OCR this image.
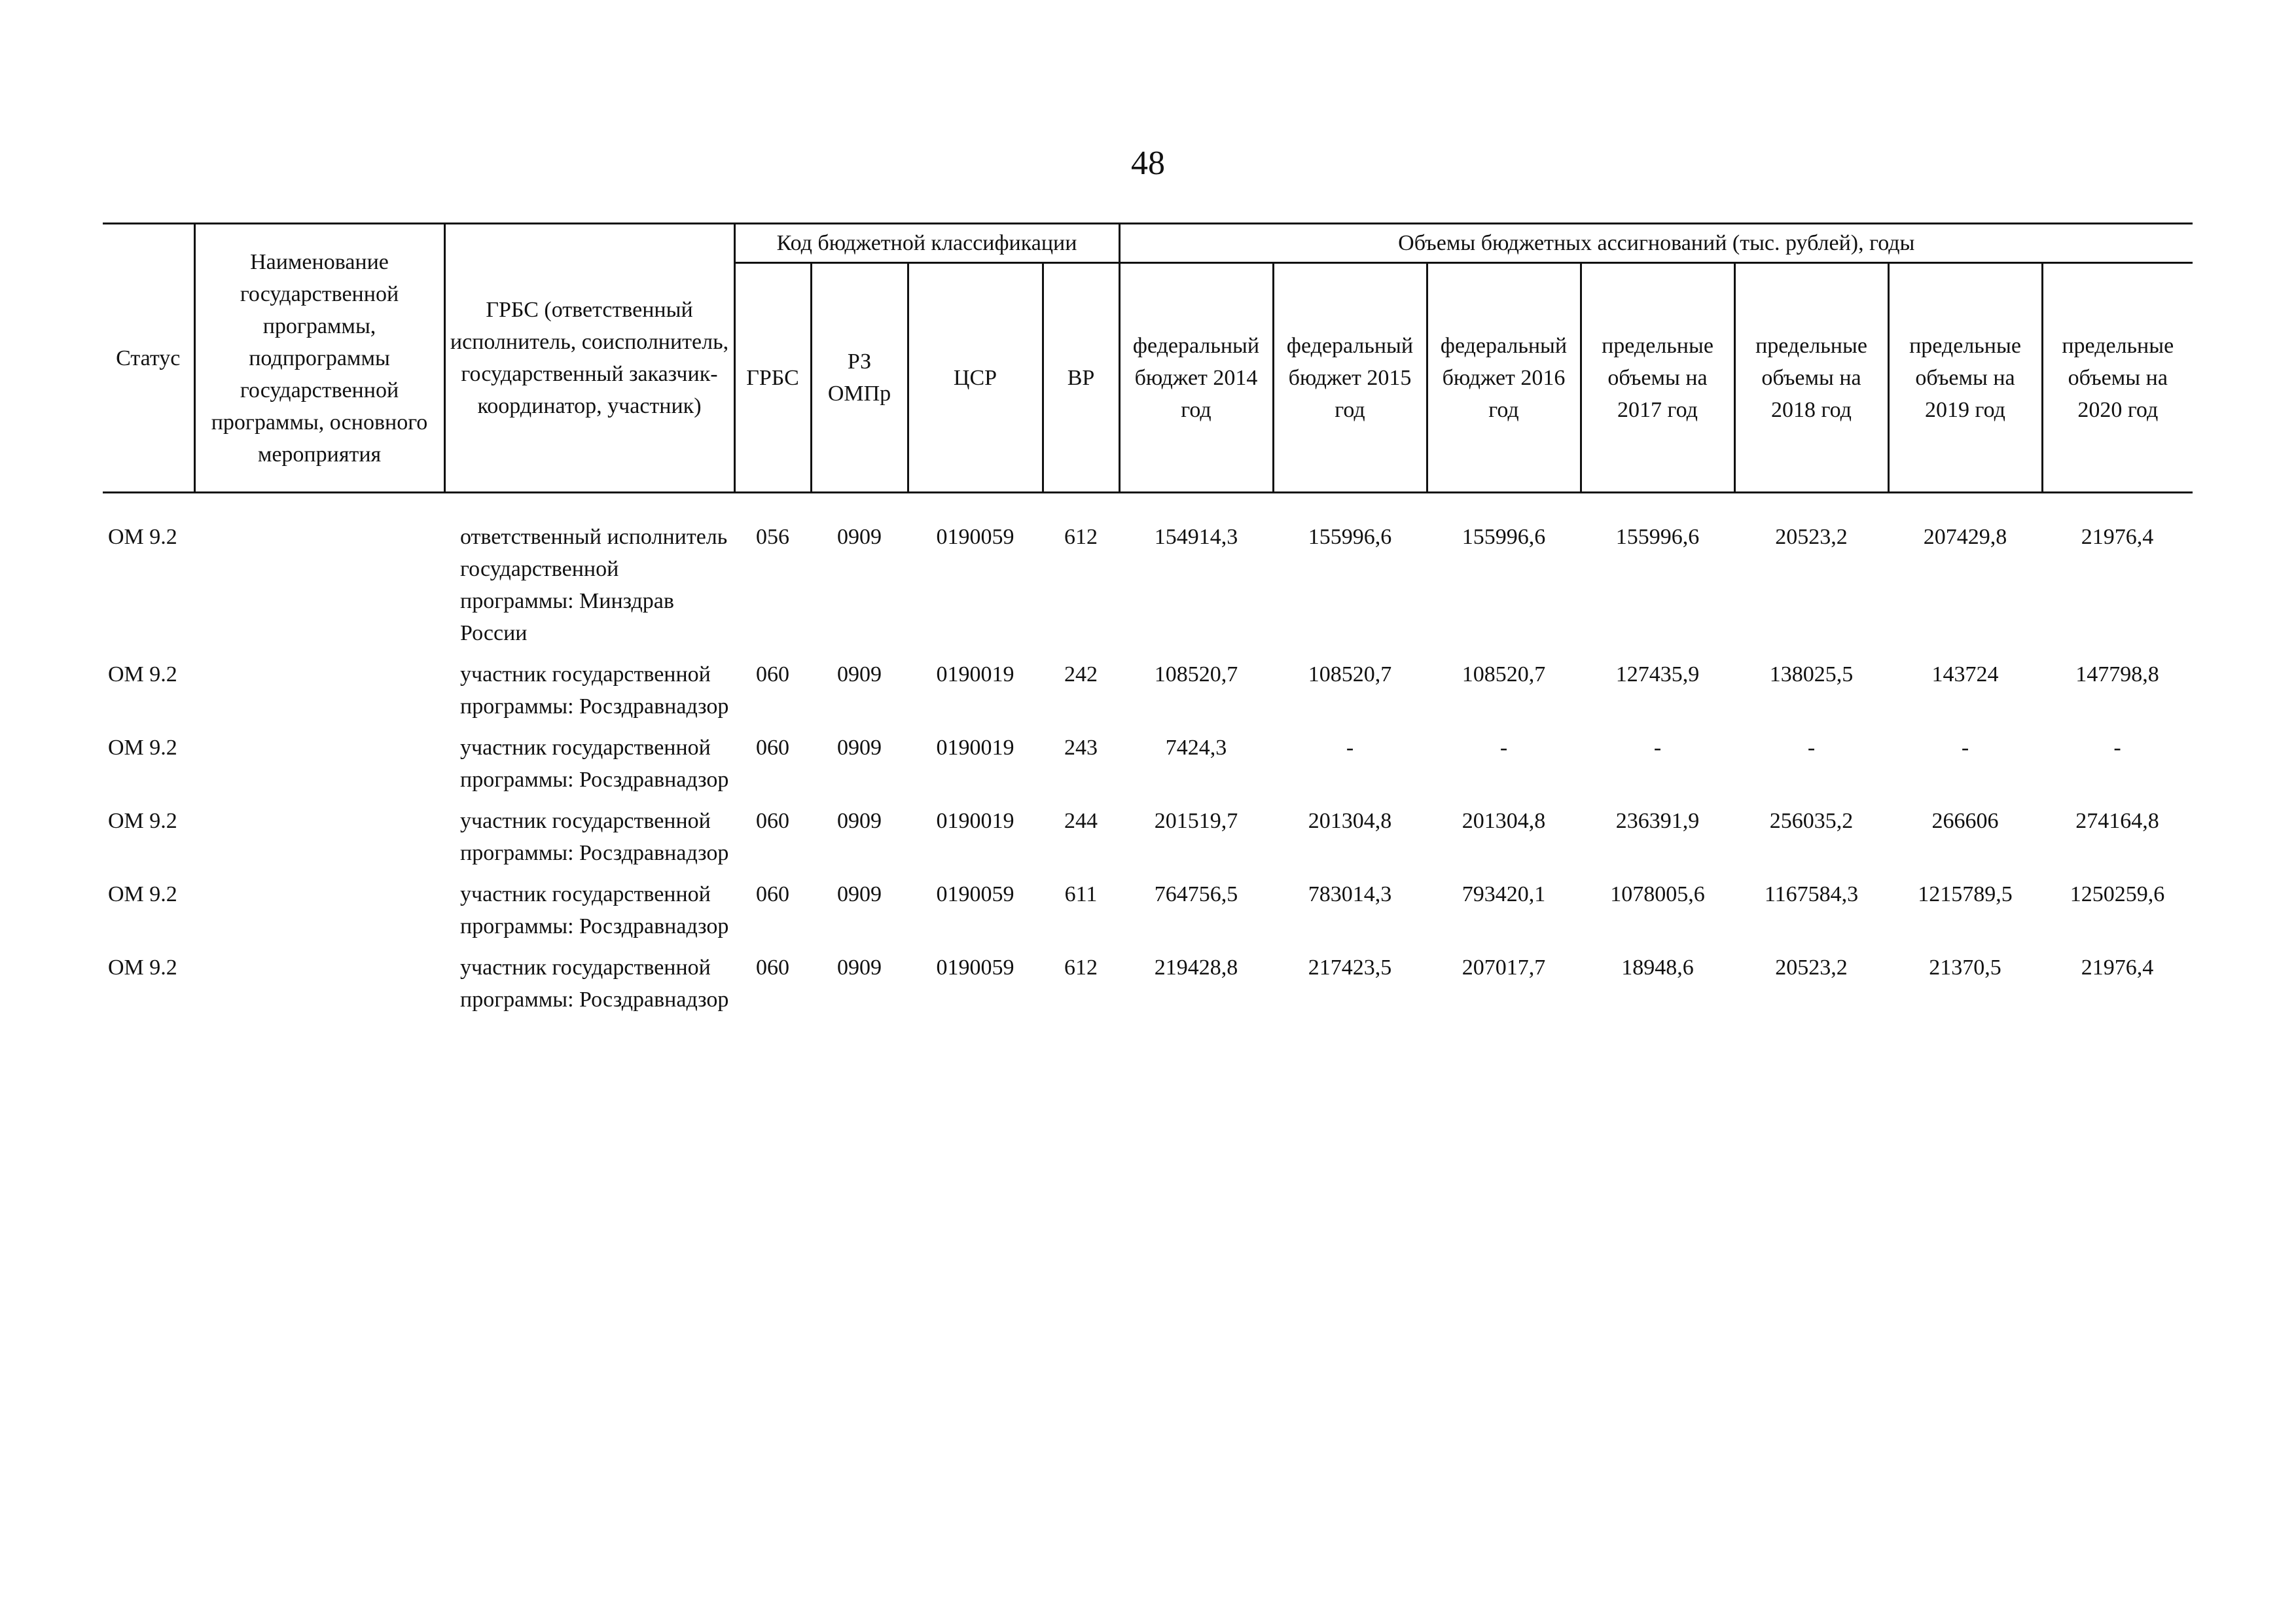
48
Статус	Наименование государственной программы, подпрограммы государственной программы, основного мероприятия	ГРБС (ответственный исполнитель, соисполнитель, государственный заказчик-координатор, участник)	Код бюджетной классификации				Объемы бюджетных ассигнований (тыс. рублей), годы						
			ГРБС	РЗ ОМПр	ЦСР	ВР	федеральный бюджет 2014 год	федеральный бюджет 2015 год	федеральный бюджет 2016 год	предельные объемы на 2017 год	предельные объемы на 2018 год	предельные объемы на 2019 год	предельные объемы на 2020 год

ОМ 9.2		ответственный исполнитель государственной программы: Минздрав России	056	0909	0190059	612	154914,3	155996,6	155996,6	155996,6	20523,2	207429,8	21976,4
ОМ 9.2		участник государственной программы: Росздравнадзор	060	0909	0190019	242	108520,7	108520,7	108520,7	127435,9	138025,5	143724	147798,8
ОМ 9.2		участник государственной программы: Росздравнадзор	060	0909	0190019	243	7424,3	-	-	-	-	-	-
ОМ 9.2		участник государственной программы: Росздравнадзор	060	0909	0190019	244	201519,7	201304,8	201304,8	236391,9	256035,2	266606	274164,8
ОМ 9.2		участник государственной программы: Росздравнадзор	060	0909	0190059	611	764756,5	783014,3	793420,1	1078005,6	1167584,3	1215789,5	1250259,6
ОМ 9.2		участник государственной программы: Росздравнадзор	060	0909	0190059	612	219428,8	217423,5	207017,7	18948,6	20523,2	21370,5	21976,4
